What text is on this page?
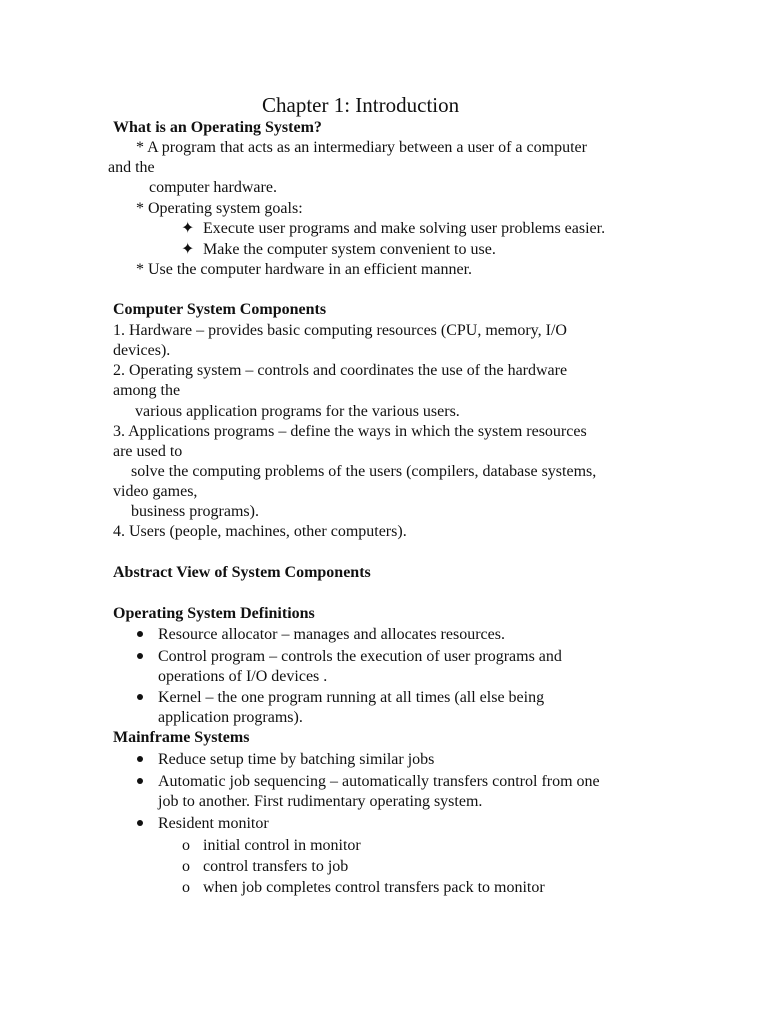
Chapter 1: Introduction
What is an Operating System?
* A program that acts as an intermediary between a user of a computer
and the
computer hardware.
* Operating system goals:
✦ Execute user programs and make solving user problems easier.
✦ Make the computer system convenient to use.
* Use the computer hardware in an efficient manner.
Computer System Components
1. Hardware – provides basic computing resources (CPU, memory, I/O
devices).
2. Operating system – controls and coordinates the use of the hardware
among the
various application programs for the various users.
3. Applications programs – define the ways in which the system resources
are used to
solve the computing problems of the users (compilers, database systems,
video games,
business programs).
4. Users (people, machines, other computers).
Abstract View of System Components
Operating System Definitions
Resource allocator – manages and allocates resources.
Control program – controls the execution of user programs and
operations of I/O devices .
Kernel – the one program running at all times (all else being
application programs).
Mainframe Systems
Reduce setup time by batching similar jobs
Automatic job sequencing – automatically transfers control from one
job to another. First rudimentary operating system.
Resident monitor
o initial control in monitor
o control transfers to job
o when job completes control transfers pack to monitor
